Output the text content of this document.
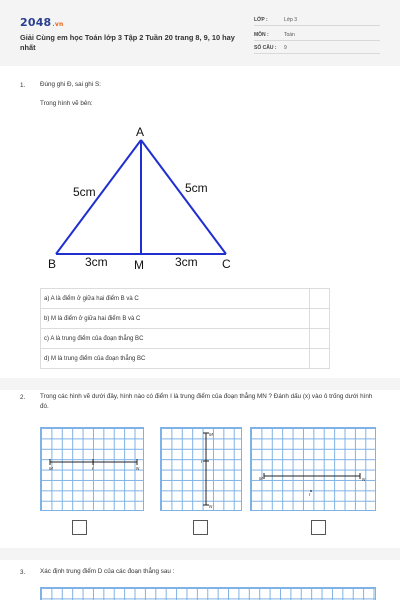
2048.vn
Giải Cùng em học Toán lớp 3 Tập 2 Tuần 20 trang 8, 9, 10 hay nhất
LỚP :	Lớp 3
MÔN :	Toán
SỐ CÂU : 9
1. Đúng ghi Đ, sai ghi S:
Trong hình vẽ bên:
A
B	C
M
5cm	5cm
3cm	3cm
a) A là điểm ở giữa hai điểm B và C	
b) M là điểm ở giữa hai điểm B và C	
c) A là trung điểm của đoạn thẳng BC	
d) M là trung điểm của đoạn thẳng BC	
2. Trong các hình vẽ dưới đây, hình nào có điểm I là trung điểm của đoạn thẳng MN ? Đánh dấu (x) vào ô trống dưới hình đó.
M	I	N
M
I
N
M
I
N
3. Xác định trung điểm D của các đoạn thẳng sau :
